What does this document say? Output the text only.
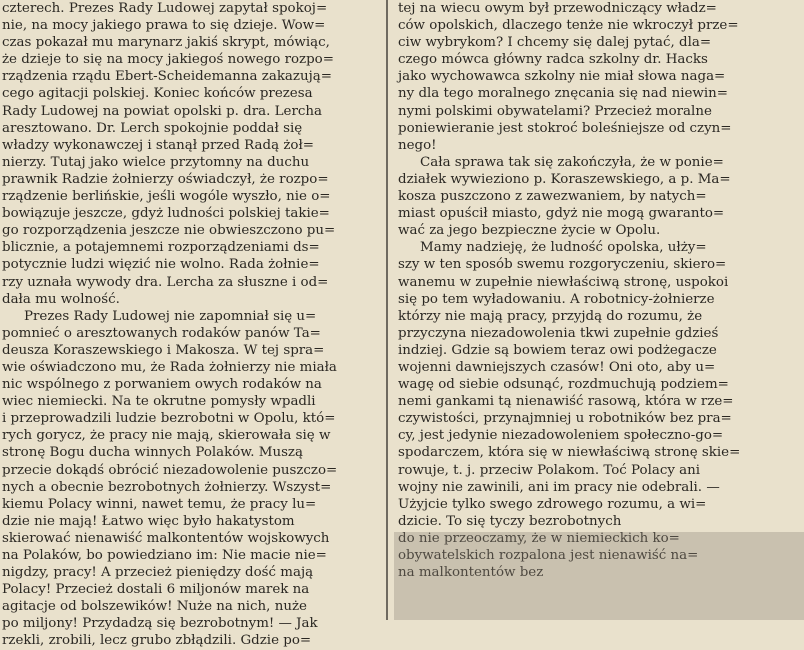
czterech. Prezes Rady Ludowej zapytał spokoj=
nie, na mocy jakiego prawa to się dzieje. Wow=
czas pokazał mu marynarz jakiś skrypt, mówiąc,
że dzieje to się na mocy jakiegoś nowego rozpo=
rządzenia rządu Ebert-Scheidemanna zakazują=
cego agitacji polskiej. Koniec końców prezesa
Rady Ludowej na powiat opolski p. dra. Lercha
aresztowano. Dr. Lerch spokojnie poddał się
władzy wykonawczej i stanął przed Radą żoł=
nierzy. Tutaj jako wielce przytomny na duchu
prawnik Radzie żołnierzy oświadczył, że rozpo=
rządzenie berlińskie, jeśli wogóle wyszło, nie o=
bowiązuje jeszcze, gdyż ludności polskiej takie=
go rozporządzenia jeszcze nie obwieszczono pu=
blicznie, a potajemnemi rozporządzeniami ds=
potycznie ludzi więzić nie wolno. Rada żołnie=
rzy uznała wywody dra. Lercha za słuszne i od=
dała mu wolność.
Prezes Rady Ludowej nie zapomniał się u=
pomnieć o aresztowanych rodaków panów Ta=
deusza Koraszewskiego i Makosza. W tej spra=
wie oświadczono mu, że Rada żołnierzy nie miała
nic wspólnego z porwaniem owych rodaków na
wiec niemiecki. Na te okrutne pomysły wpadli
i przeprowadzili ludzie bezrobotni w Opolu, któ=
rych gorycz, że pracy nie mają, skierowała się w
stronę Bogu ducha winnych Polaków. Muszą
przecie dokądś obrócić niezadowolenie puszczo=
nych a obecnie bezrobotnych żołnierzy. Wszyst=
kiemu Polacy winni, nawet temu, że pracy lu=
dzie nie mają! Łatwo więc było hakatystom
skierować nienawiść malkontentów wojskowych
na Polaków, bo powiedziano im: Nie macie nie=
nigdzy, pracy! A przecież pieniędzy dość mają
Polacy! Przecież dostali 6 miljonów marek na
agitacje od bolszewików! Nuże na nich, nuże
po miljony! Przydadzą się bezrobotnym! — Jak
rzekli, zrobili, lecz grubo zbłądzili. Gdzie po=
tej na wiecu owym był przewodniczący władz=
ców opolskich, dlaczego tenże nie wkroczył prze=
ciw wybrykom? I chcemy się dalej pytać, dla=
czego mówca główny radca szkolny dr. Hacks
jako wychowawca szkolny nie miał słowa naga=
ny dla tego moralnego znęcania się nad niewin=
nymi polskimi obywatelami? Przecież moralne
poniewieranie jest stokroć boleśniejsze od czyn=
nego!
Cała sprawa tak się zakończyła, że w ponie=
działek wywieziono p. Koraszewskiego, a p. Ma=
kosza puszczono z zawezwaniem, by natych=
miast opuścił miasto, gdyż nie mogą gwaranto=
wać za jego bezpieczne życie w Opolu.
Mamy nadzieję, że ludność opolska, ułży=
szy w ten sposób swemu rozgoryczeniu, skiero=
wanemu w zupełnie niewłaściwą stronę, uspokoi
się po tem wyładowaniu. A robotnicy-żołnierze
którzy nie mają pracy, przyjdą do rozumu, że
przyczyna niezadowolenia tkwi zupełnie gdzieś
indziej. Gdzie są bowiem teraz owi podżegacze
wojenni dawniejszych czasów! Oni oto, aby u=
wagę od siebie odsunąć, rozdmuchują podziem=
nemi gankami tą nienawiść rasową, która w rze=
czywistości, przynajmniej u robotników bez pra=
cy, jest jedynie niezadowoleniem społeczno-go=
spodarczem, która się w niewłaściwą stronę skie=
rowuje, t. j. przeciw Polakom. Toć Polacy ani
wojny nie zawinili, ani im pracy nie odebrali. —
Użyjcie tylko swego zdrowego rozumu, a wi=
dzicie. To się tyczy bezrobotnych
do nie przeoczamy, że w niemieckich ko=
obywatelskich rozpalona jest nienawiść na=
na malkontentów bez
